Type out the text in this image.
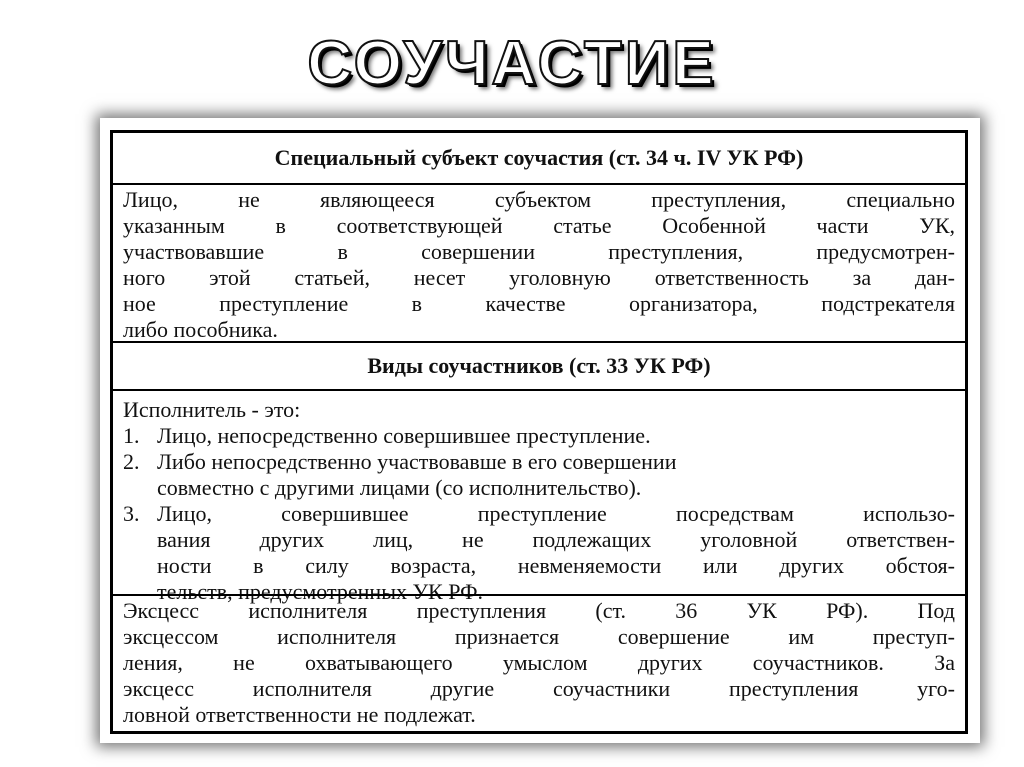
СОУЧАСТИЕ
Специальный субъект соучастия (ст. 34 ч. IV УК РФ)
Лицо, не являющееся субъектом преступления, специально
указанным в соответствующей статье Особенной части УК,
участвовавшие в совершении преступления, предусмотрен-
ного этой статьей, несет уголовную ответственность за дан-
ное преступление в качестве организатора, подстрекателя
либо пособника.
Виды соучастников (ст. 33 УК РФ)
Исполнитель - это:
1. Лицо, непосредственно совершившее преступление.
2. Либо непосредственно участвовавше в его совершении
совместно с другими лицами (со исполнительство).
3. Лицо, совершившее преступление посредствам использо-
вания других лиц, не подлежащих уголовной ответствен-
ности в силу возраста, невменяемости или других обстоя-
тельств, предусмотренных УК РФ.
Эксцесс исполнителя преступления (ст. 36 УК РФ). Под
эксцессом исполнителя признается совершение им преступ-
ления, не охватывающего умыслом других соучастников. За
эксцесс исполнителя другие соучастники преступления уго-
ловной ответственности не подлежат.
